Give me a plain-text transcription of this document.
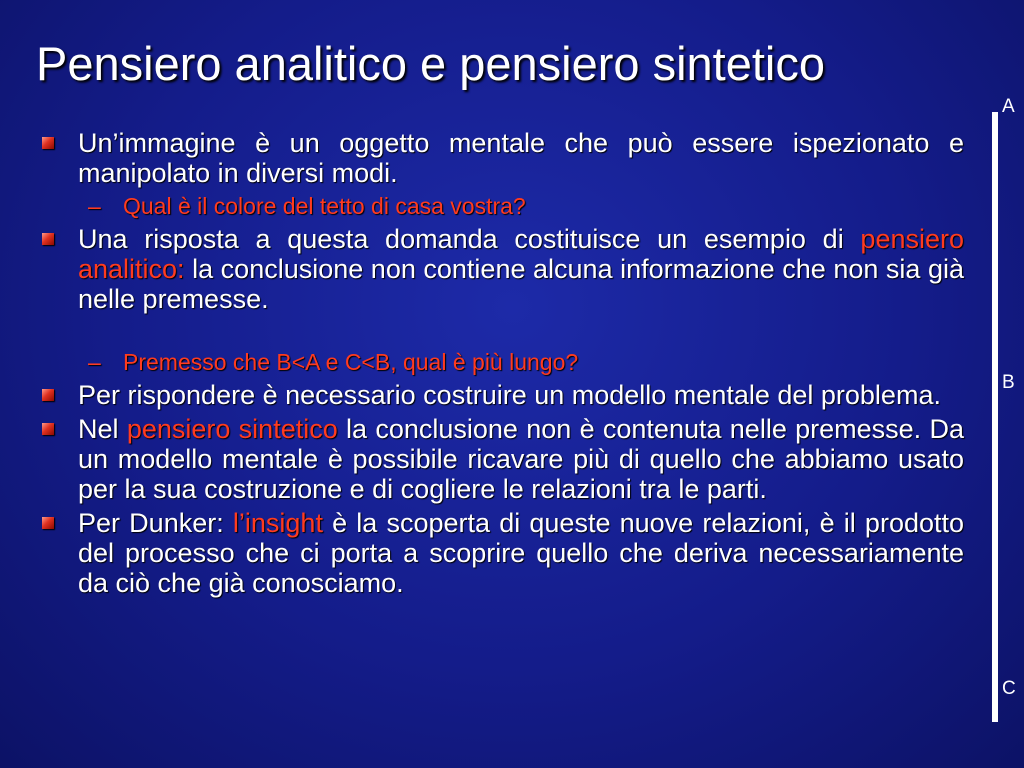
Pensiero analitico e pensiero sintetico
Un’immagine è un oggetto mentale che può essere ispezionato e manipolato in diversi modi.
– Qual è il colore del tetto di casa vostra?
Una risposta a questa domanda costituisce un esempio di pensiero analitico: la conclusione non contiene alcuna informazione che non sia già nelle premesse.
– Premesso che B<A e C<B, qual è più lungo?
Per rispondere è necessario costruire un modello mentale del problema.
Nel pensiero sintetico la conclusione non è contenuta nelle premesse. Da un modello mentale è possibile ricavare più di quello che abbiamo usato per la sua costruzione e di cogliere le relazioni tra le parti.
Per Dunker: l’insight è la scoperta di queste nuove relazioni, è il prodotto del processo che ci porta a scoprire quello che deriva necessariamente da ciò che già conosciamo.
A
B
C
